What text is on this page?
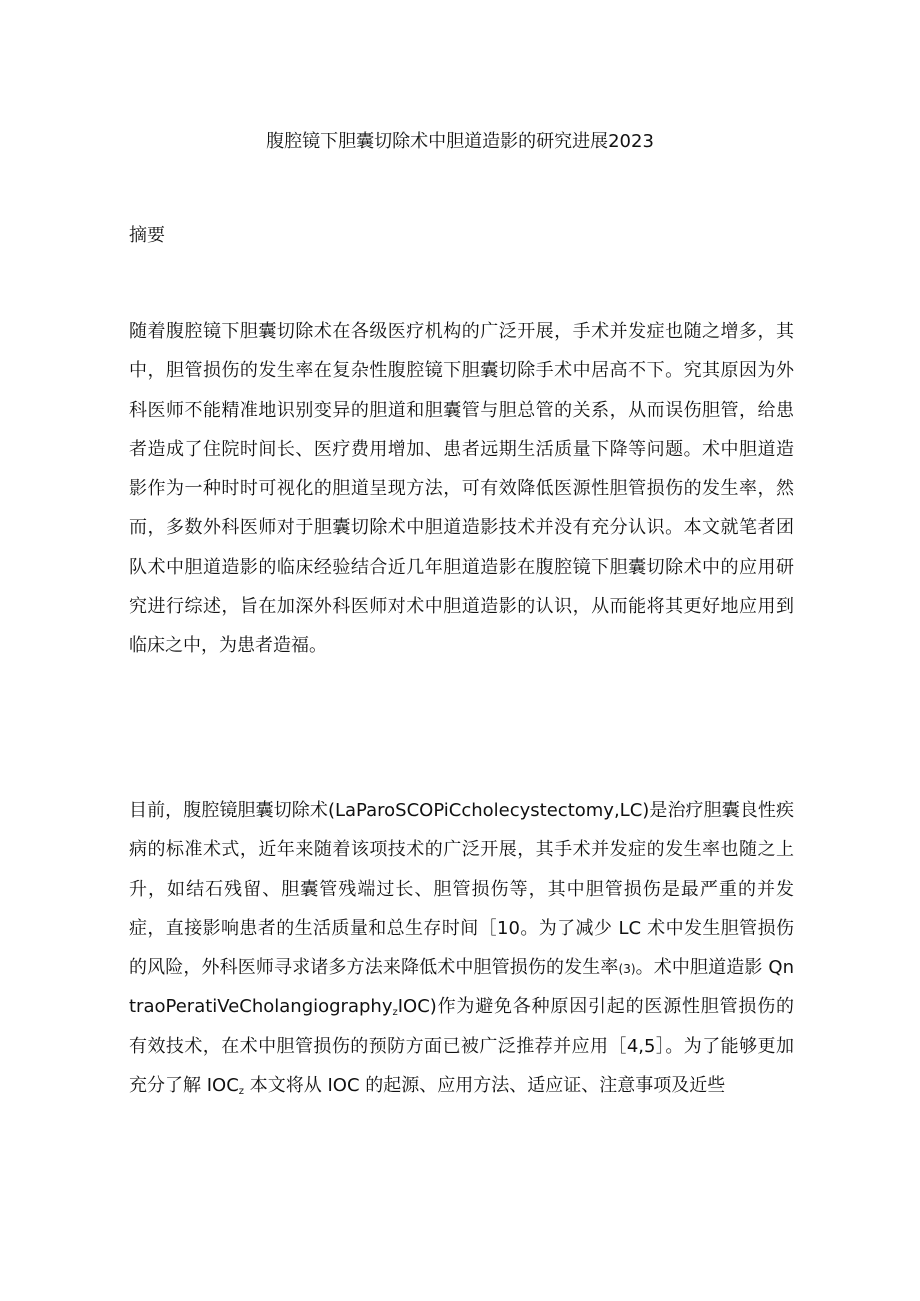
腹腔镜下胆囊切除术中胆道造影的研究进展2023
摘要

随着腹腔镜下胆囊切除术在各级医疗机构的广泛开展，手术并发症也随之增多，其中，胆管损伤的发生率在复杂性腹腔镜下胆囊切除手术中居高不下。究其原因为外科医师不能精准地识别变异的胆道和胆囊管与胆总管的关系，从而误伤胆管，给患者造成了住院时间长、医疗费用增加、患者远期生活质量下降等问题。术中胆道造影作为一种时时可视化的胆道呈现方法，可有效降低医源性胆管损伤的发生率，然而，多数外科医师对于胆囊切除术中胆道造影技术并没有充分认识。本文就笔者团队术中胆道造影的临床经验结合近几年胆道造影在腹腔镜下胆囊切除术中的应用研究进行综述，旨在加深外科医师对术中胆道造影的认识，从而能将其更好地应用到临床之中，为患者造福。

目前，腹腔镜胆囊切除术(LaParoSCOPiCcholecystectomy,LC)是治疗胆囊良性疾病的标准术式，近年来随着该项技术的广泛开展，其手术并发症的发生率也随之上升，如结石残留、胆囊管残端过长、胆管损伤等，其中胆管损伤是最严重的并发症，直接影响患者的生活质量和总生存时间［10。为了减少 LC 术中发生胆管损伤的风险，外科医师寻求诸多方法来降低术中胆管损伤的发生率(3)。术中胆道造影 QntraoPeratiVeCholangiography$_z$IOC)作为避免各种原因引起的医源性胆管损伤的有效技术，在术中胆管损伤的预防方面已被广泛推荐并应用［4,5］。为了能够更加充分了解 $IOC_z$ 本文将从 IOC 的起源、应用方法、适应证、注意事项及近些
